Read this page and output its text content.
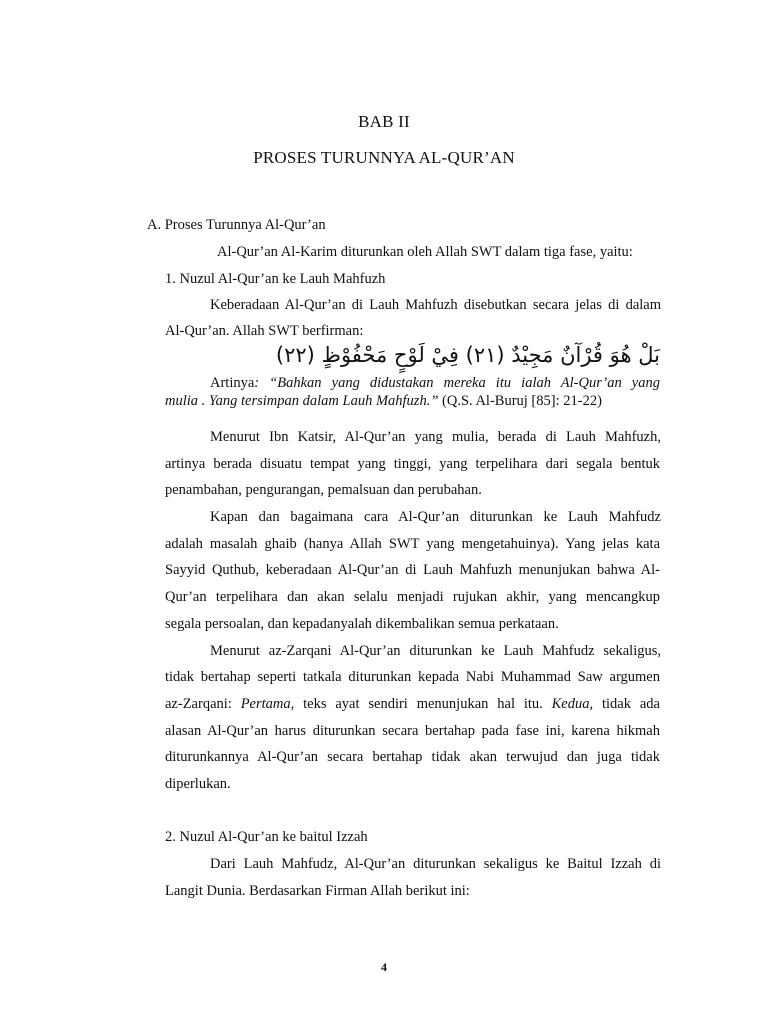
BAB II
PROSES TURUNNYA AL-QUR’AN
A. Proses Turunnya Al-Qur’an
Al-Qur’an Al-Karim diturunkan oleh Allah SWT dalam tiga fase, yaitu:
1. Nuzul Al-Qur’an ke Lauh Mahfuzh
Keberadaan Al-Qur’an di Lauh Mahfuzh disebutkan secara jelas di dalam
Al-Qur’an. Allah SWT berfirman:
بَلْ هُوَ قُرْآنٌ مَجِيْدٌ (٢١) فِيْ لَوْحٍ مَحْفُوْظٍ (٢٢)
Artinya: “Bahkan yang didustakan mereka itu ialah Al-Qur’an yang
mulia . Yang tersimpan dalam Lauh Mahfuzh.” (Q.S. Al-Buruj [85]: 21-22)
Menurut Ibn Katsir, Al-Qur’an yang mulia, berada di Lauh Mahfuzh,
artinya berada disuatu tempat yang tinggi, yang terpelihara dari segala bentuk
penambahan, pengurangan, pemalsuan dan perubahan.
Kapan dan bagaimana cara Al-Qur’an diturunkan ke Lauh Mahfudz
adalah masalah ghaib (hanya Allah SWT yang mengetahuinya). Yang jelas kata
Sayyid Quthub, keberadaan Al-Qur’an di Lauh Mahfuzh menunjukan bahwa Al-
Qur’an terpelihara dan akan selalu menjadi rujukan akhir, yang mencangkup
segala persoalan, dan kepadanyalah dikembalikan semua perkataan.
Menurut az-Zarqani Al-Qur’an diturunkan ke Lauh Mahfudz sekaligus,
tidak bertahap seperti tatkala diturunkan kepada Nabi Muhammad Saw argumen
az-Zarqani: Pertama, teks ayat sendiri menunjukan hal itu. Kedua, tidak ada
alasan Al-Qur’an harus diturunkan secara bertahap pada fase ini, karena hikmah
diturunkannya Al-Qur’an secara bertahap tidak akan terwujud dan juga tidak
diperlukan.
2. Nuzul Al-Qur’an ke baitul Izzah
Dari Lauh Mahfudz, Al-Qur’an diturunkan sekaligus ke Baitul Izzah di
Langit Dunia. Berdasarkan Firman Allah berikut ini:
4
